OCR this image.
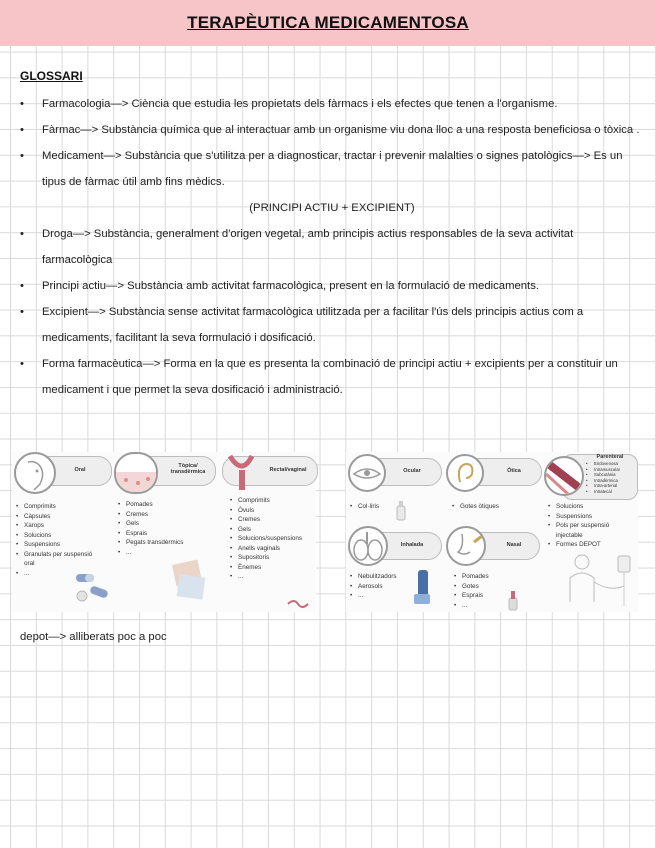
TERAPÈUTICA MEDICAMENTOSA
GLOSSARI
• Farmacologia—> Ciència que estudia les propietats dels fàrmacs i els efectes que tenen a l'organisme.
• Fàrmac—> Substància química que al interactuar amb un organisme viu dona lloc a una resposta beneficiosa o tòxica .
• Medicament—> Substància que s'utilitza per a diagnosticar, tractar i prevenir malalties o signes patològics—> Es un tipus de fàrmac útil amb fins mèdics.
(PRINCIPI ACTIU + EXCIPIENT)
• Droga—> Substància, generalment d'origen vegetal, amb principis actius responsables de la seva activitat farmacològica
• Principi actiu—> Substància amb activitat farmacològica, present en la formulació de medicaments.
• Excipient—> Substància sense activitat farmacològica utilitzada per a facilitar l'ús dels principis actius com a medicaments, facilitant la seva formulació i dosificació.
• Forma farmacèutica—> Forma en la que es presenta la combinació de principi actiu + excipients per a constituir un medicament i que permet la seva dosificació i administració.
Oral
• Comprimits
• Càpsules
• Xarops
• Solucions
• Suspensions
• Granulats per suspensió oral
• ...
Tòpica/ transdèrmica
• Pomades
• Cremes
• Gels
• Esprais
• Pegats transdèrmics
• ...
Rectal/vaginal
• Comprimits
• Òvuls
• Cremes
• Gels
• Solucions/suspensions
• Anells vaginals
• Supositoris
• Ènemes
• ...
Ocular
• Col·liris
Òtica
• Gotes òtiques
Parenteral
• Endovenosa
• Intramuscular
• Subcutània
• Intradèrmica
• Intra-arterial
• Intratecal
• Solucions
• Suspensions
• Pols per suspensió injectable
• Formes DEPOT
Inhalada
• Nebulitzadors
• Aerosols
• ...
Nasal
• Pomades
• Gotes
• Esprais
• ...
depot—> alliberats poc a poc
